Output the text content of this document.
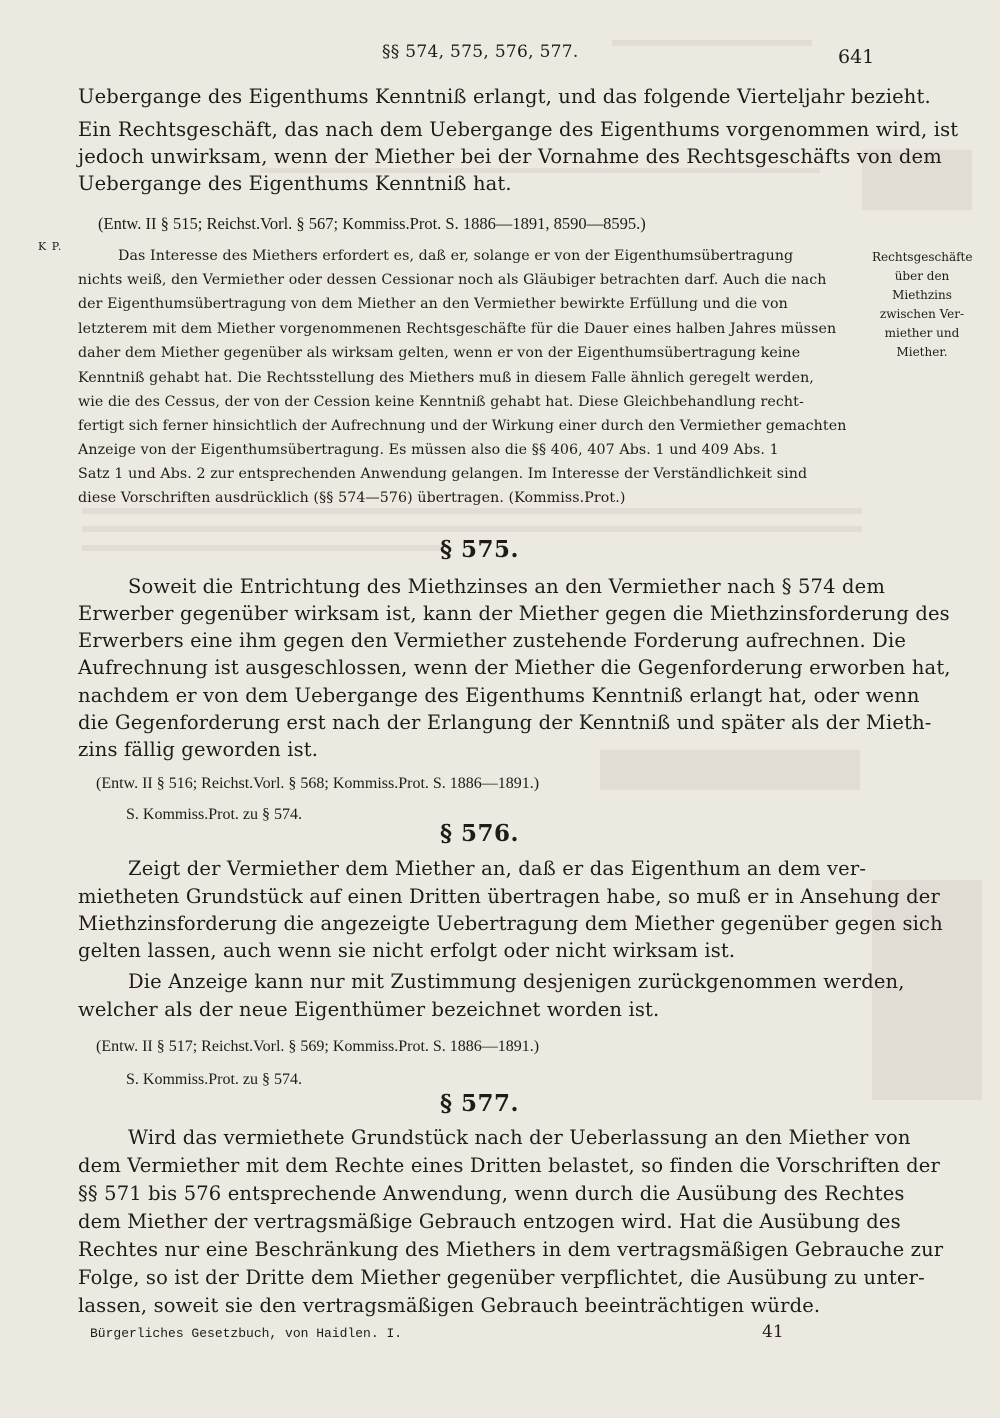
§§ 574, 575, 576, 577.	641
Uebergange des Eigenthums Kenntniß erlangt, und das folgende Vierteljahr bezieht.
Ein Rechtsgeschäft, das nach dem Uebergange des Eigenthums vorgenommen wird, ist
jedoch unwirksam, wenn der Miether bei der Vornahme des Rechtsgeschäfts von dem
Uebergange des Eigenthums Kenntniß hat.
(Entw. II § 515; Reichst.Vorl. § 567; Kommiss.Prot. S. 1886—1891, 8590—8595.)
K P.
Das Interesse des Miethers erfordert es, daß er, solange er von der Eigenthumsübertragung
nichts weiß, den Vermiether oder dessen Cessionar noch als Gläubiger betrachten darf. Auch die nach
der Eigenthumsübertragung von dem Miether an den Vermiether bewirkte Erfüllung und die von
letzterem mit dem Miether vorgenommenen Rechtsgeschäfte für die Dauer eines halben Jahres müssen
daher dem Miether gegenüber als wirksam gelten, wenn er von der Eigenthumsübertragung keine
Kenntniß gehabt hat. Die Rechtsstellung des Miethers muß in diesem Falle ähnlich geregelt werden,
wie die des Cessus, der von der Cession keine Kenntniß gehabt hat. Diese Gleichbehandlung recht-
fertigt sich ferner hinsichtlich der Aufrechnung und der Wirkung einer durch den Vermiether gemachten
Anzeige von der Eigenthumsübertragung. Es müssen also die §§ 406, 407 Abs. 1 und 409 Abs. 1
Satz 1 und Abs. 2 zur entsprechenden Anwendung gelangen. Im Interesse der Verständlichkeit sind
diese Vorschriften ausdrücklich (§§ 574—576) übertragen. (Kommiss.Prot.)
Rechtsgeschäfte
über den
Miethzins
zwischen Ver-
miether und
Miether.
§ 575.
Soweit die Entrichtung des Miethzinses an den Vermiether nach § 574 dem
Erwerber gegenüber wirksam ist, kann der Miether gegen die Miethzinsforderung des
Erwerbers eine ihm gegen den Vermiether zustehende Forderung aufrechnen. Die
Aufrechnung ist ausgeschlossen, wenn der Miether die Gegenforderung erworben hat,
nachdem er von dem Uebergange des Eigenthums Kenntniß erlangt hat, oder wenn
die Gegenforderung erst nach der Erlangung der Kenntniß und später als der Mieth-
zins fällig geworden ist.
(Entw. II § 516; Reichst.Vorl. § 568; Kommiss.Prot. S. 1886—1891.)
S. Kommiss.Prot. zu § 574.
§ 576.
Zeigt der Vermiether dem Miether an, daß er das Eigenthum an dem ver-
mietheten Grundstück auf einen Dritten übertragen habe, so muß er in Ansehung der
Miethzinsforderung die angezeigte Uebertragung dem Miether gegenüber gegen sich
gelten lassen, auch wenn sie nicht erfolgt oder nicht wirksam ist.
Die Anzeige kann nur mit Zustimmung desjenigen zurückgenommen werden,
welcher als der neue Eigenthümer bezeichnet worden ist.
(Entw. II § 517; Reichst.Vorl. § 569; Kommiss.Prot. S. 1886—1891.)
S. Kommiss.Prot. zu § 574.
§ 577.
Wird das vermiethete Grundstück nach der Ueberlassung an den Miether von
dem Vermiether mit dem Rechte eines Dritten belastet, so finden die Vorschriften der
§§ 571 bis 576 entsprechende Anwendung, wenn durch die Ausübung des Rechtes
dem Miether der vertragsmäßige Gebrauch entzogen wird. Hat die Ausübung des
Rechtes nur eine Beschränkung des Miethers in dem vertragsmäßigen Gebrauche zur
Folge, so ist der Dritte dem Miether gegenüber verpflichtet, die Ausübung zu unter-
lassen, soweit sie den vertragsmäßigen Gebrauch beeinträchtigen würde.
Bürgerliches Gesetzbuch, von Haidlen. I.	41
